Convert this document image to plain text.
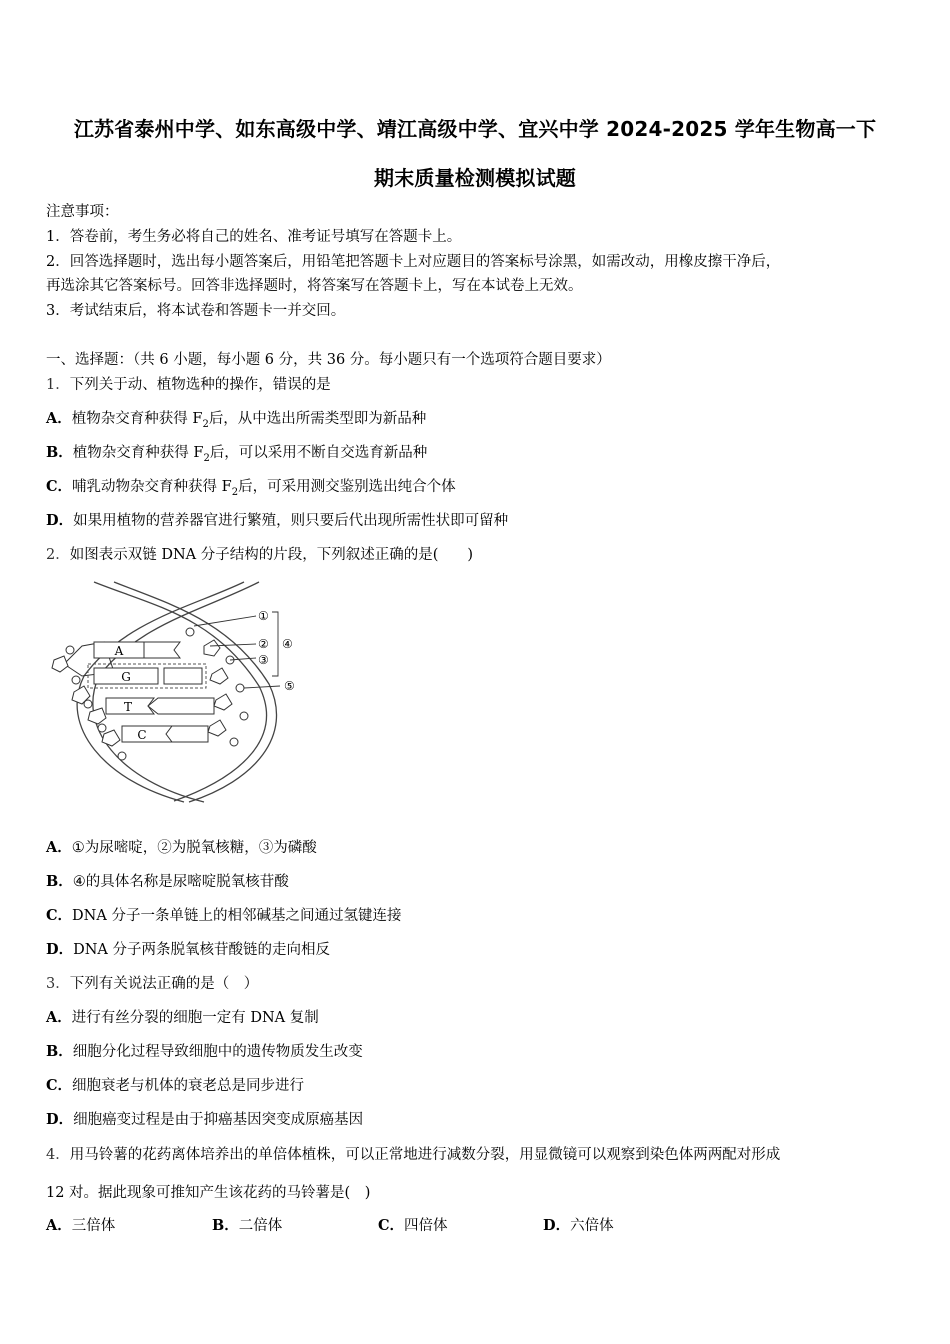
江苏省泰州中学、如东高级中学、靖江高级中学、宜兴中学 2024-2025 学年生物高一下
期末质量检测模拟试题
注意事项：
1．答卷前，考生务必将自己的姓名、准考证号填写在答题卡上。
2．回答选择题时，选出每小题答案后，用铅笔把答题卡上对应题目的答案标号涂黑，如需改动，用橡皮擦干净后，
再选涂其它答案标号。回答非选择题时，将答案写在答题卡上，写在本试卷上无效。
3．考试结束后，将本试卷和答题卡一并交回。
一、选择题：（共 6 小题，每小题 6 分，共 36 分。每小题只有一个选项符合题目要求）
1．下列关于动、植物选种的操作，错误的是
A．植物杂交育种获得 $F_2$后，从中选出所需类型即为新品种
B．植物杂交育种获得 $F_2$后，可以采用不断自交选育新品种
C．哺乳动物杂交育种获得 $F_2$后，可采用测交鉴别选出纯合个体
D．如果用植物的营养器官进行繁殖，则只要后代出现所需性状即可留种
2．如图表示双链 DNA 分子结构的片段，下列叙述正确的是(　　)
A
G
T
C
①
②
③
④
⑤
A．①为尿嘧啶，②为脱氧核糖，③为磷酸
B．④的具体名称是尿嘧啶脱氧核苷酸
C．DNA 分子一条单链上的相邻碱基之间通过氢键连接
D．DNA 分子两条脱氧核苷酸链的走向相反
3．下列有关说法正确的是（　）
A．进行有丝分裂的细胞一定有 DNA 复制
B．细胞分化过程导致细胞中的遗传物质发生改变
C．细胞衰老与机体的衰老总是同步进行
D．细胞癌变过程是由于抑癌基因突变成原癌基因
4．用马铃薯的花药离体培养出的单倍体植株，可以正常地进行减数分裂，用显微镜可以观察到染色体两两配对形成
12 对。据此现象可推知产生该花药的马铃薯是(　)
A．三倍体	B．二倍体	C．四倍体	D．六倍体
